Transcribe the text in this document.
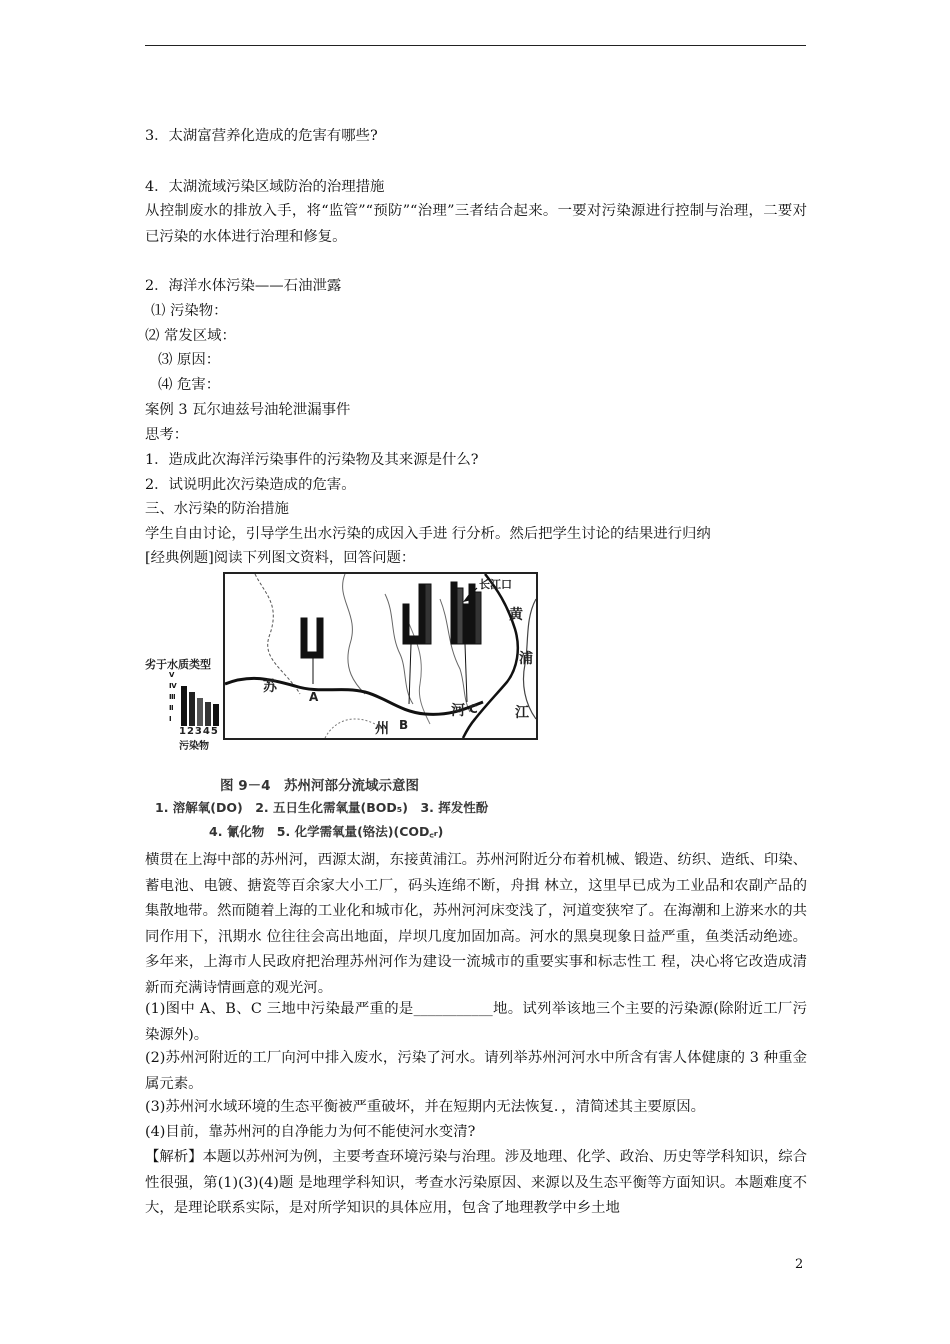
3．太湖富营养化造成的危害有哪些?
4．太湖流域污染区域防治的治理措施
从控制废水的排放入手，将“监管”“预防”“治理”三者结合起来。一要对污染源进行控制与治理，二要对已污染的水体进行治理和修复。
2．海洋水体污染——石油泄露
⑴ 污染物：
⑵ 常发区域：
⑶ 原因：
⑷ 危害：
案例 3 瓦尔迪兹号油轮泄漏事件
思考：
1．造成此次海洋污染事件的污染物及其来源是什么?
2．试说明此次污染造成的危害。
三、水污染的防治措施
学生自由讨论，引导学生出水污染的成因入手进 行分析。然后把学生讨论的结果进行归纳
[经典例题]阅读下列图文资料，回答问题：
苏
A
州 B
河 C
长江口
黄
浦
江
劣于水质类型
Ⅴ
Ⅳ
Ⅲ
Ⅱ
Ⅰ
12345
污染物
图 9－4　苏州河部分流域示意图
1. 溶解氧(DO)　2. 五日生化需氧量(BOD₅)　3. 挥发性酚
4. 氰化物　5. 化学需氧量(铬法)(COD꜀ᵣ)
横贯在上海中部的苏州河，西源太湖，东接黄浦江。苏州河附近分布着机械、锻造、纺织、造纸、印染、蓄电池、电镀、搪瓷等百余家大小工厂，码头连绵不断，舟揖 林立，这里早已成为工业品和农副产品的集散地带。然而随着上海的工业化和城市化，苏州河河床变浅了，河道变狭窄了。在海潮和上游来水的共同作用下，汛期水 位往往会高出地面，岸坝几度加固加高。河水的黑臭现象日益严重，鱼类活动绝迹。多年来，上海市人民政府把治理苏州河作为建设一流城市的重要实事和标志性工 程，决心将它改造成清新而充满诗情画意的观光河。
(1)图中 A、B、C 三地中污染最严重的是___________地。试列举该地三个主要的污染源(除附近工厂污染源外)。
(2)苏州河附近的工厂向河中排入废水，污染了河水。请列举苏州河河水中所含有害人体健康的 3 种重金属元素。
(3)苏州河水域环境的生态平衡被严重破坏，并在短期内无法恢复．，清简述其主要原因。
(4)目前，靠苏州河的自净能力为何不能使河水变清?
【解析】本题以苏州河为例，主要考查环境污染与治理。涉及地理、化学、政治、历史等学科知识，综合性很强，第(1)(3)(4)题 是地理学科知识，考查水污染原因、来源以及生态平衡等方面知识。本题难度不大，是理论联系实际，是对所学知识的具体应用，包含了地理教学中乡土地
2
